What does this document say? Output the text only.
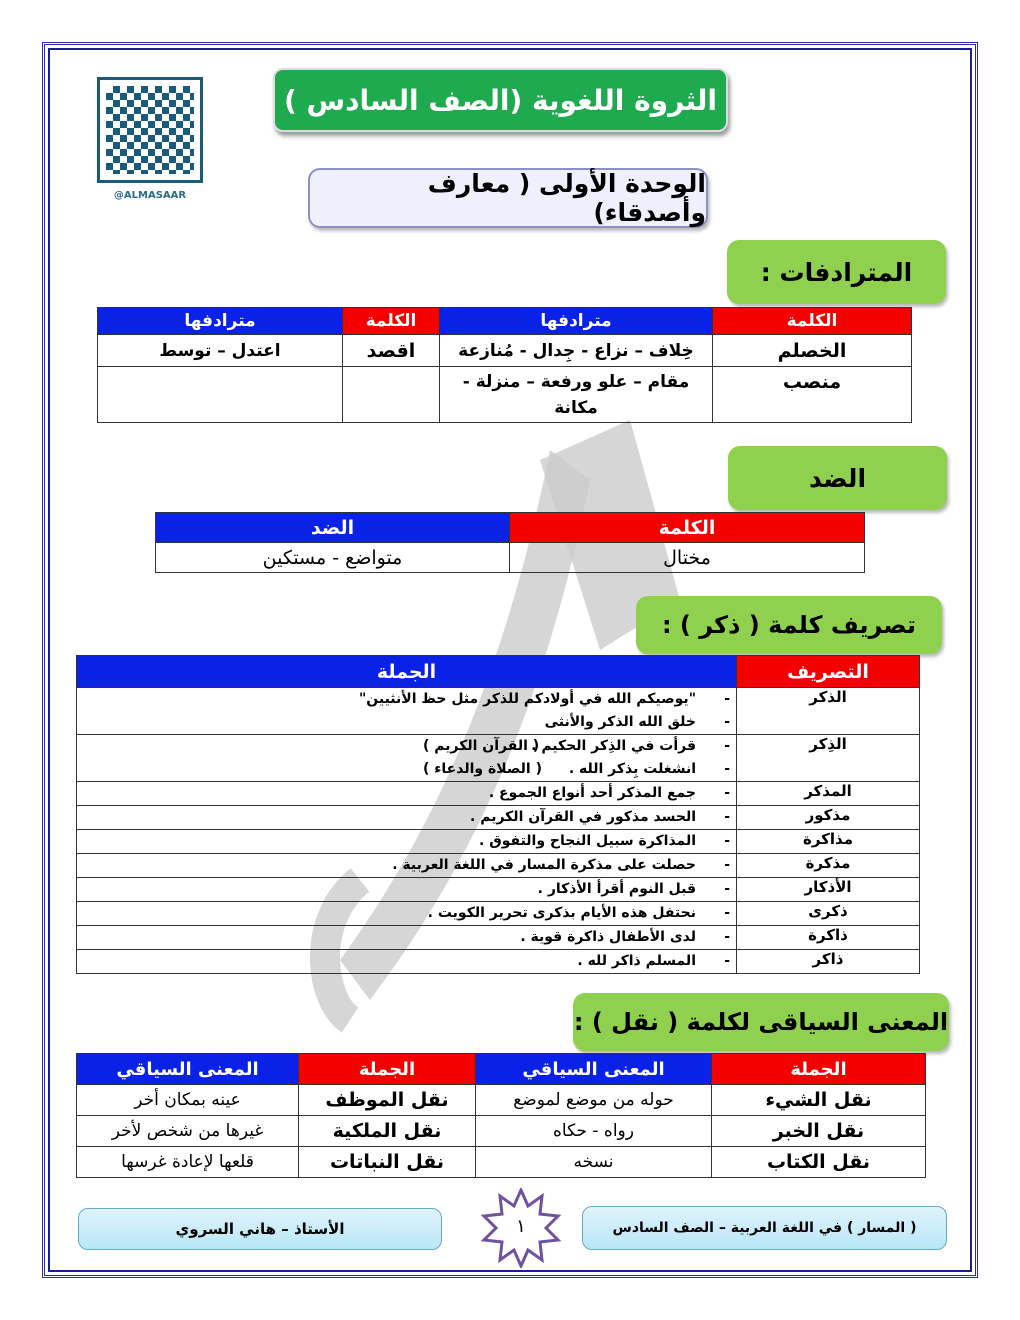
@ALMASAAR
الثروة اللغوية (الصف السادس )
الوحدة الأولى ( معارف وأصدقاء)
المترادفات :
الكلمة	مترادفها	الكلمة	مترادفها
الخصلم	خِلاف – نزاع - جِدال - مُنازعة	اقصد	اعتدل – توسط
منصب	مقام – علو ورفعة – منزلة - مكانة		
الضد
الكلمة	الضد
مختال	متواضع - مستكين
تصريف كلمة ( ذكر ) :
التصريف	الجملة
الذكر	- "يوصيكم الله في أولادكم للذكر مثل حظ الأنثيين"
- خلق الله الذكر والأنثى

الذِكر	- قرأت في الذِكر الحكيم .
( القرآن الكريم )
- انشغلت بِذكر الله .
( الصلاة والدعاء )

المذكر	- جمع المذكر أحد أنواع الجموع .

مذكور	- الحسد مذكور في القرآن الكريم .

مذاكرة	- المذاكرة سبيل النجاح والتفوق .

مذكرة	- حصلت على مذكرة المسار في اللغة العربية .

الأذكار	- قبل النوم أقرأ الأذكار .

ذكرى	- نحتفل هذه الأيام بذكرى تحرير الكويت .

ذاكرة	- لدى الأطفال ذاكرة قوية .

ذاكر	- المسلم ذاكر لله .
المعنى السياقى لكلمة ( نقل ) :
الجملة	المعنى السياقي	الجملة	المعنى السياقي
نقل الشيء	حوله من موضع لموضع	نقل الموظف	عينه بمكان أخر
نقل الخبر	رواه - حكاه	نقل الملكية	غيرها من شخص لأخر
نقل الكتاب	نسخه	نقل النباتات	قلعها لإعادة غرسها
الأستاذ – هاني السروي	١	( المسار ) في اللغة العربية – الصف السادس
